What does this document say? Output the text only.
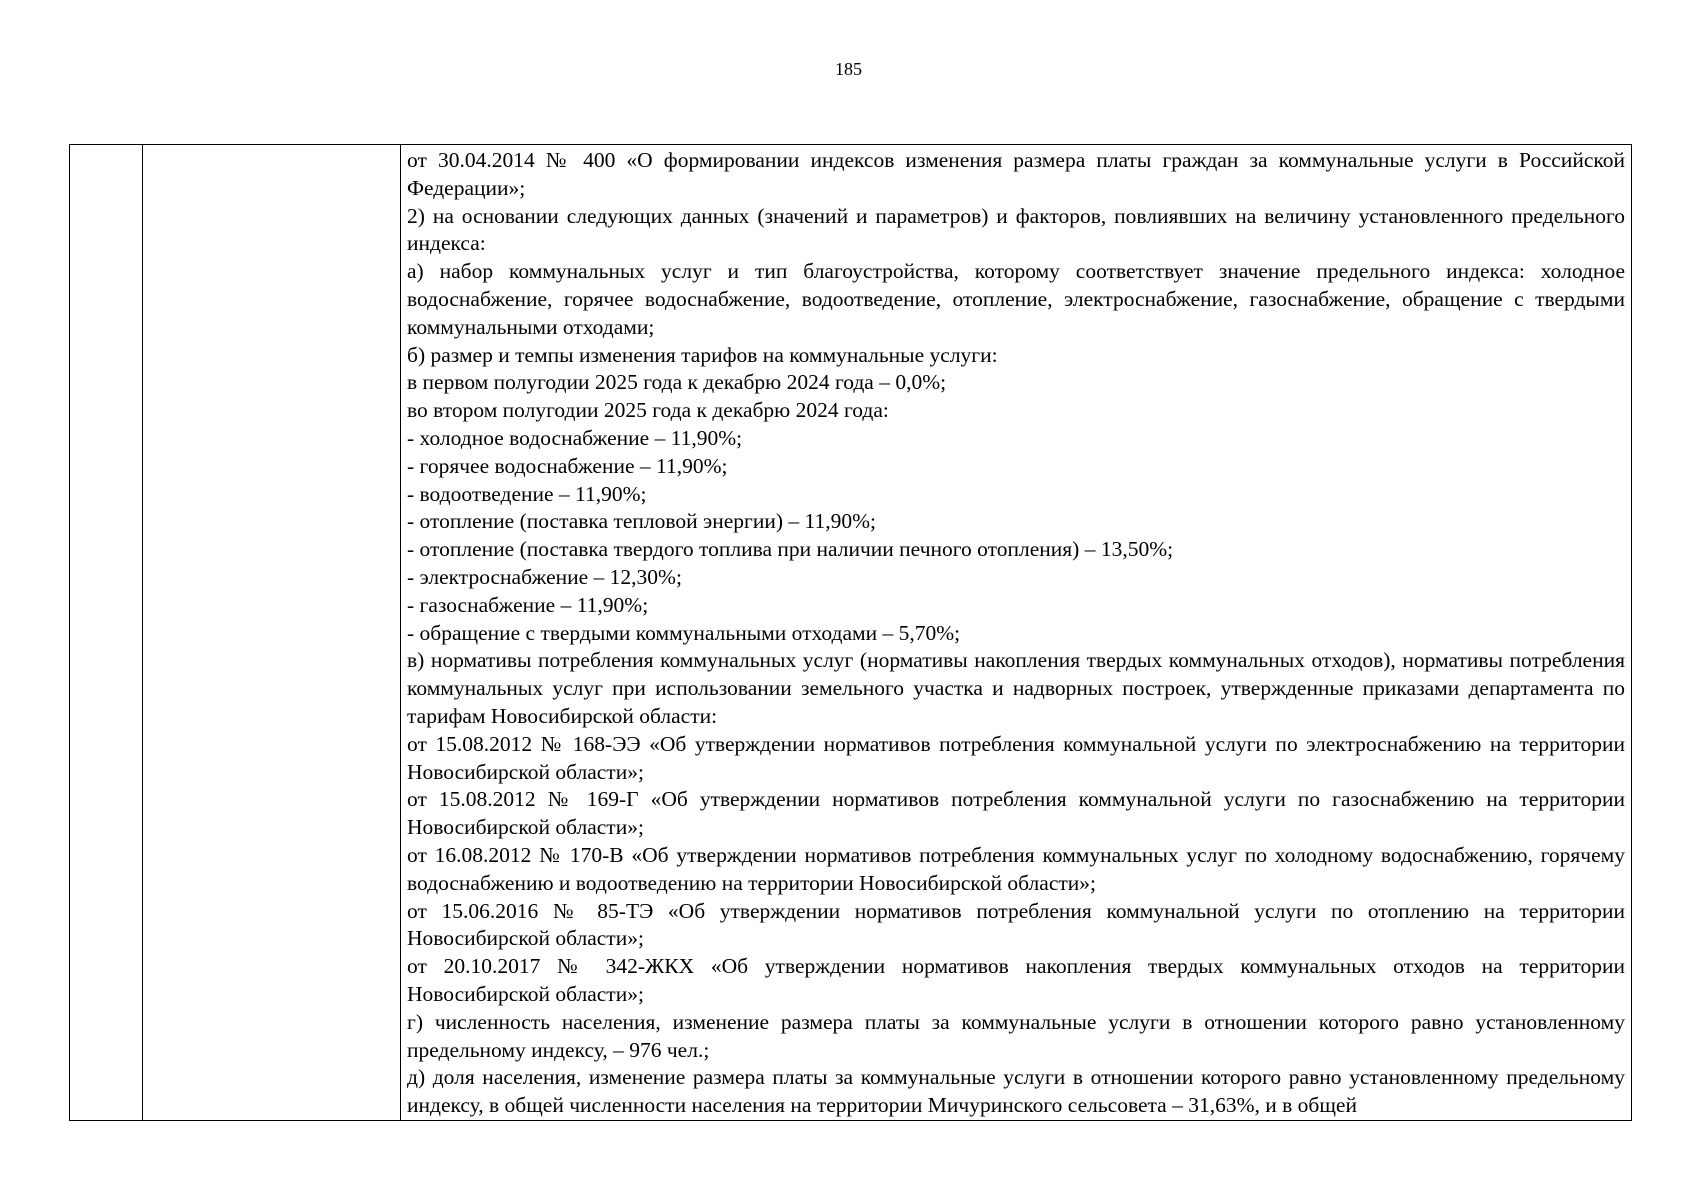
185

от 30.04.2014 № 400 «О формировании индексов изменения размера платы граждан за коммунальные услуги в Российской Федерации»;
2) на основании следующих данных (значений и параметров) и факторов, повлиявших на величину установленного предельного индекса:
а) набор коммунальных услуг и тип благоустройства, которому соответствует значение предельного индекса: холодное водоснабжение, горячее водоснабжение, водоотведение, отопление, электроснабжение, газоснабжение, обращение с твердыми коммунальными отходами;
б) размер и темпы изменения тарифов на коммунальные услуги:
в первом полугодии 2025 года к декабрю 2024 года – 0,0%;
во втором полугодии 2025 года к декабрю 2024 года:
- холодное водоснабжение – 11,90%;
- горячее водоснабжение – 11,90%;
- водоотведение – 11,90%;
- отопление (поставка тепловой энергии) – 11,90%;
- отопление (поставка твердого топлива при наличии печного отопления) – 13,50%;
- электроснабжение – 12,30%;
- газоснабжение – 11,90%;
- обращение с твердыми коммунальными отходами – 5,70%;
в) нормативы потребления коммунальных услуг (нормативы накопления твердых коммунальных отходов), нормативы потребления коммунальных услуг при использовании земельного участка и надворных построек, утвержденные приказами департамента по тарифам Новосибирской области:
от 15.08.2012 № 168-ЭЭ «Об утверждении нормативов потребления коммунальной услуги по электроснабжению на территории Новосибирской области»;
от 15.08.2012 № 169-Г «Об утверждении нормативов потребления коммунальной услуги по газоснабжению на территории Новосибирской области»;
от 16.08.2012 № 170-В «Об утверждении нормативов потребления коммунальных услуг по холодному водоснабжению, горячему водоснабжению и водоотведению на территории Новосибирской области»;
от 15.06.2016 № 85-ТЭ «Об утверждении нормативов потребления коммунальной услуги по отоплению на территории Новосибирской области»;
от 20.10.2017 № 342-ЖКХ «Об утверждении нормативов накопления твердых коммунальных отходов на территории Новосибирской области»;
г) численность населения, изменение размера платы за коммунальные услуги в отношении которого равно установленному предельному индексу, – 976 чел.;
д) доля населения, изменение размера платы за коммунальные услуги в отношении которого равно установленному предельному индексу, в общей численности населения на территории Мичуринского сельсовета – 31,63%, и в общей
